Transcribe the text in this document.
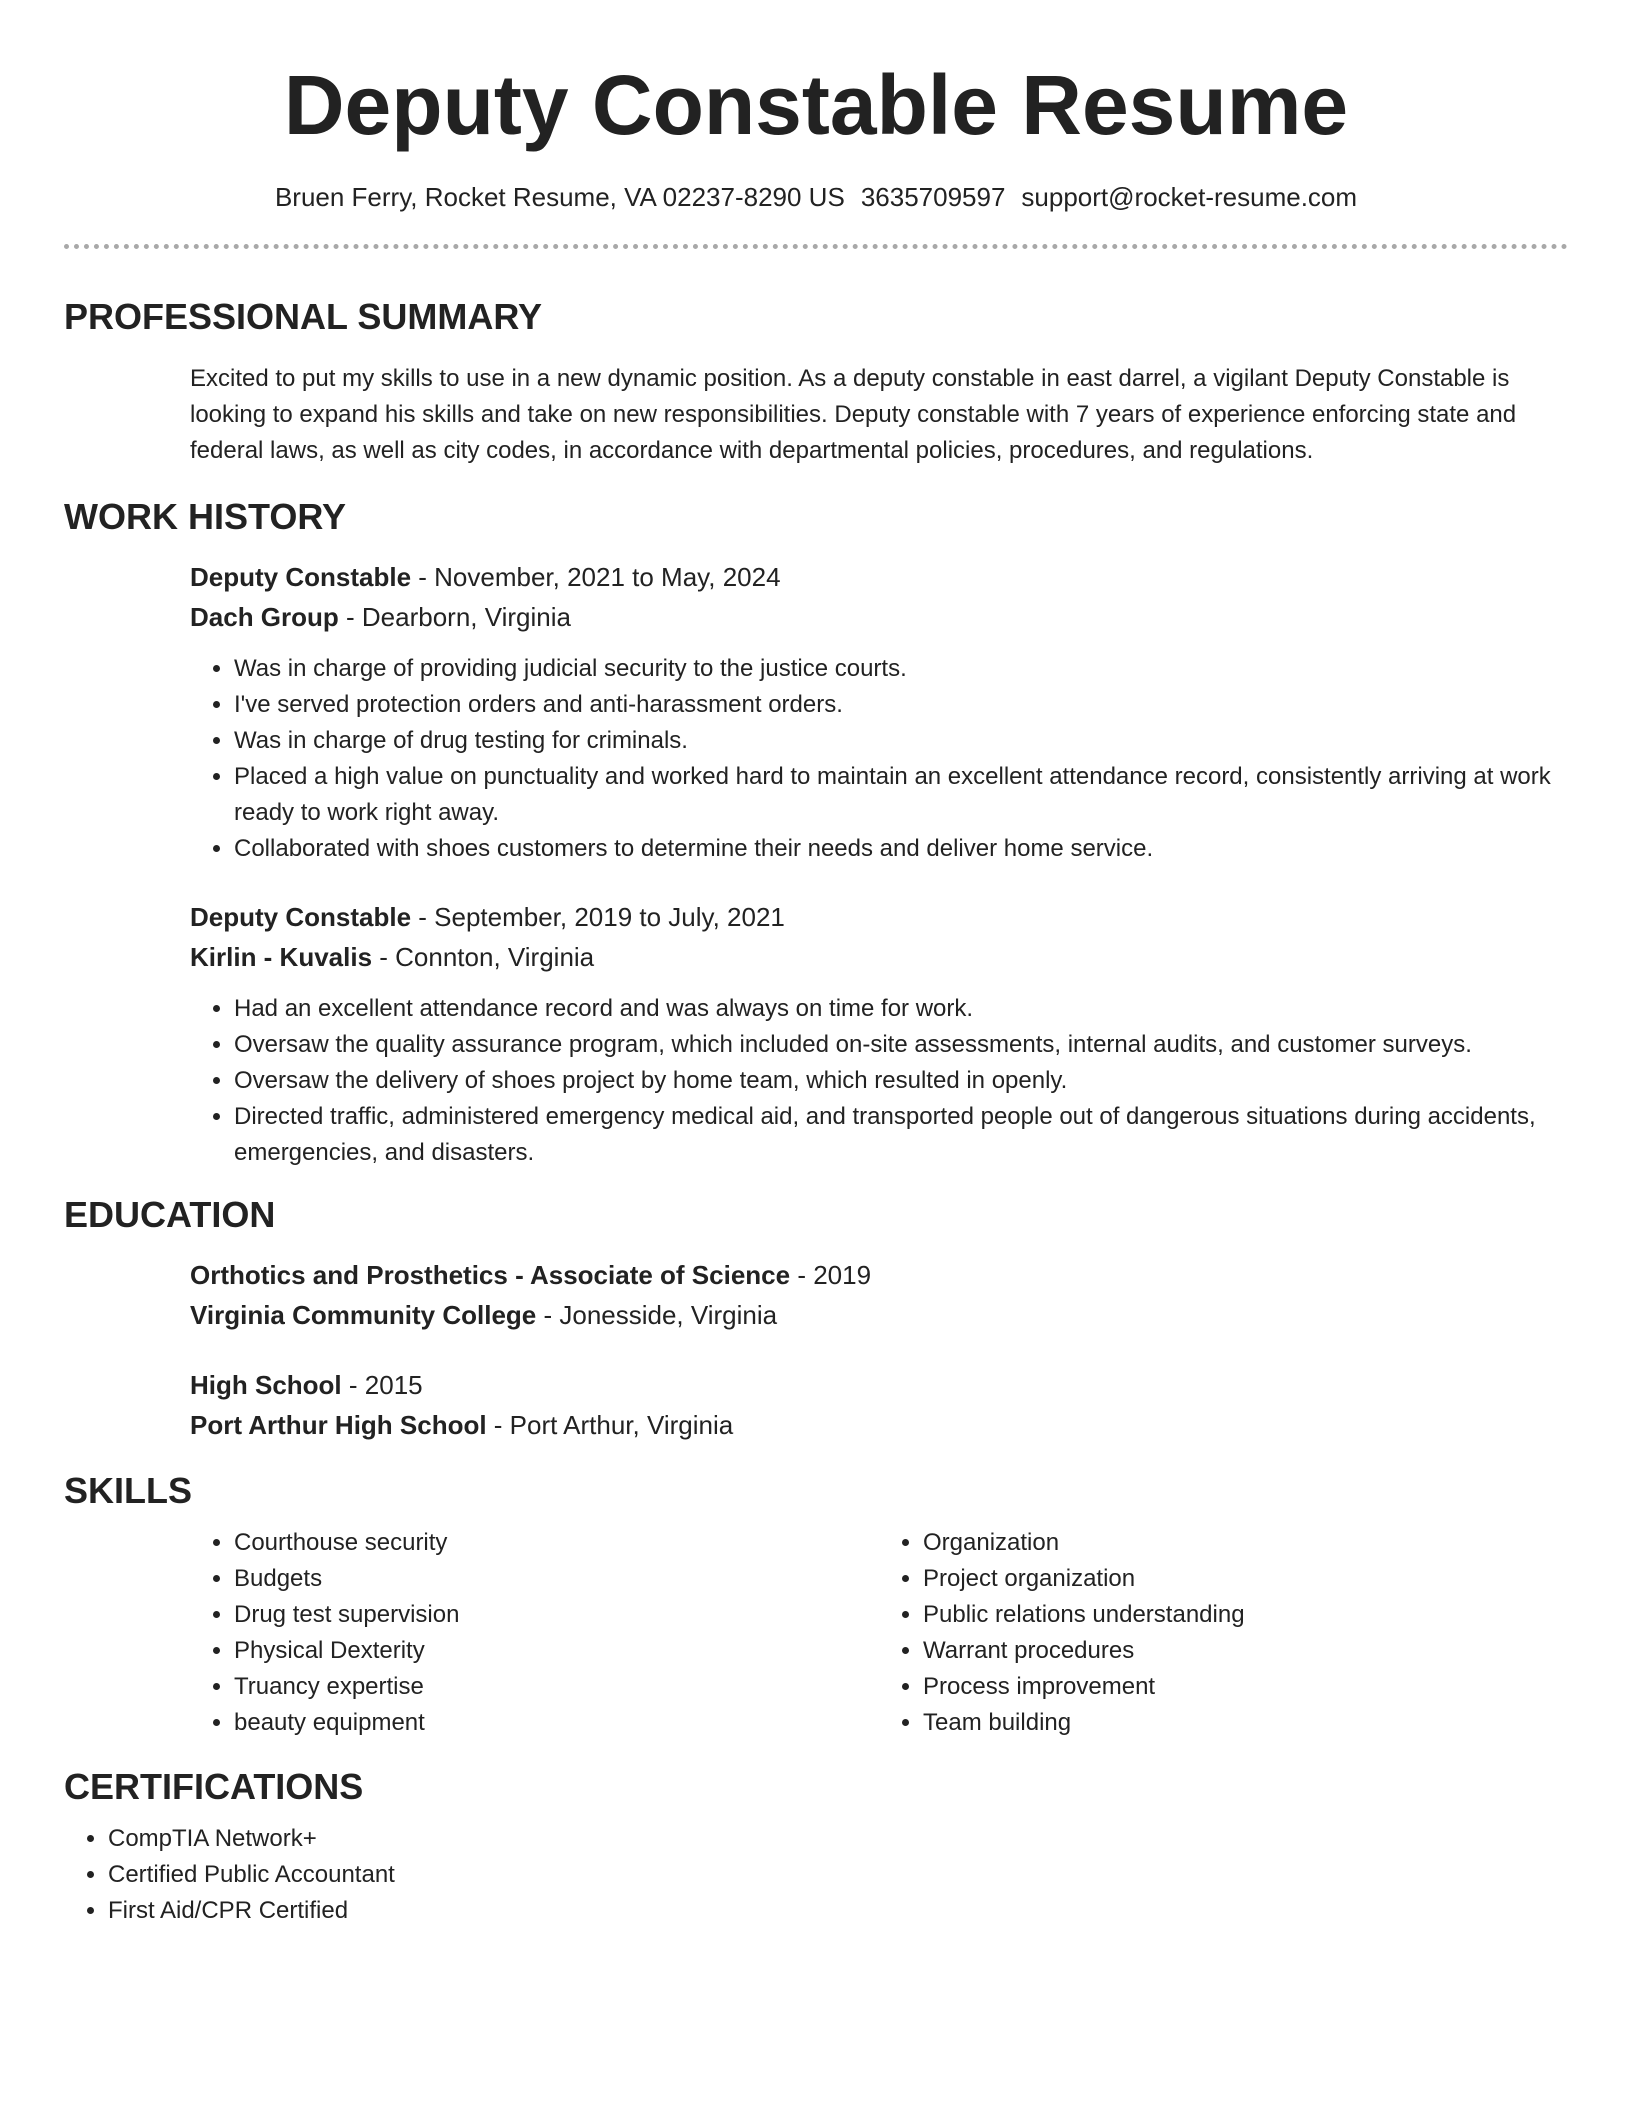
Deputy Constable Resume
Bruen Ferry, Rocket Resume, VA 02237-8290 US 3635709597 support@rocket-resume.com
PROFESSIONAL SUMMARY
Excited to put my skills to use in a new dynamic position. As a deputy constable in east darrel, a vigilant Deputy Constable is looking to expand his skills and take on new responsibilities. Deputy constable with 7 years of experience enforcing state and federal laws, as well as city codes, in accordance with departmental policies, procedures, and regulations.
WORK HISTORY
Deputy Constable - November, 2021 to May, 2024
Dach Group - Dearborn, Virginia
• Was in charge of providing judicial security to the justice courts.
• I've served protection orders and anti-harassment orders.
• Was in charge of drug testing for criminals.
• Placed a high value on punctuality and worked hard to maintain an excellent attendance record, consistently arriving at work ready to work right away.
• Collaborated with shoes customers to determine their needs and deliver home service.
Deputy Constable - September, 2019 to July, 2021
Kirlin - Kuvalis - Connton, Virginia
• Had an excellent attendance record and was always on time for work.
• Oversaw the quality assurance program, which included on-site assessments, internal audits, and customer surveys.
• Oversaw the delivery of shoes project by home team, which resulted in openly.
• Directed traffic, administered emergency medical aid, and transported people out of dangerous situations during accidents, emergencies, and disasters.
EDUCATION
Orthotics and Prosthetics - Associate of Science - 2019
Virginia Community College - Jonesside, Virginia
High School - 2015
Port Arthur High School - Port Arthur, Virginia
SKILLS
• Courthouse security
• Budgets
• Drug test supervision
• Physical Dexterity
• Truancy expertise
• beauty equipment
• Organization
• Project organization
• Public relations understanding
• Warrant procedures
• Process improvement
• Team building
CERTIFICATIONS
• CompTIA Network+
• Certified Public Accountant
• First Aid/CPR Certified
